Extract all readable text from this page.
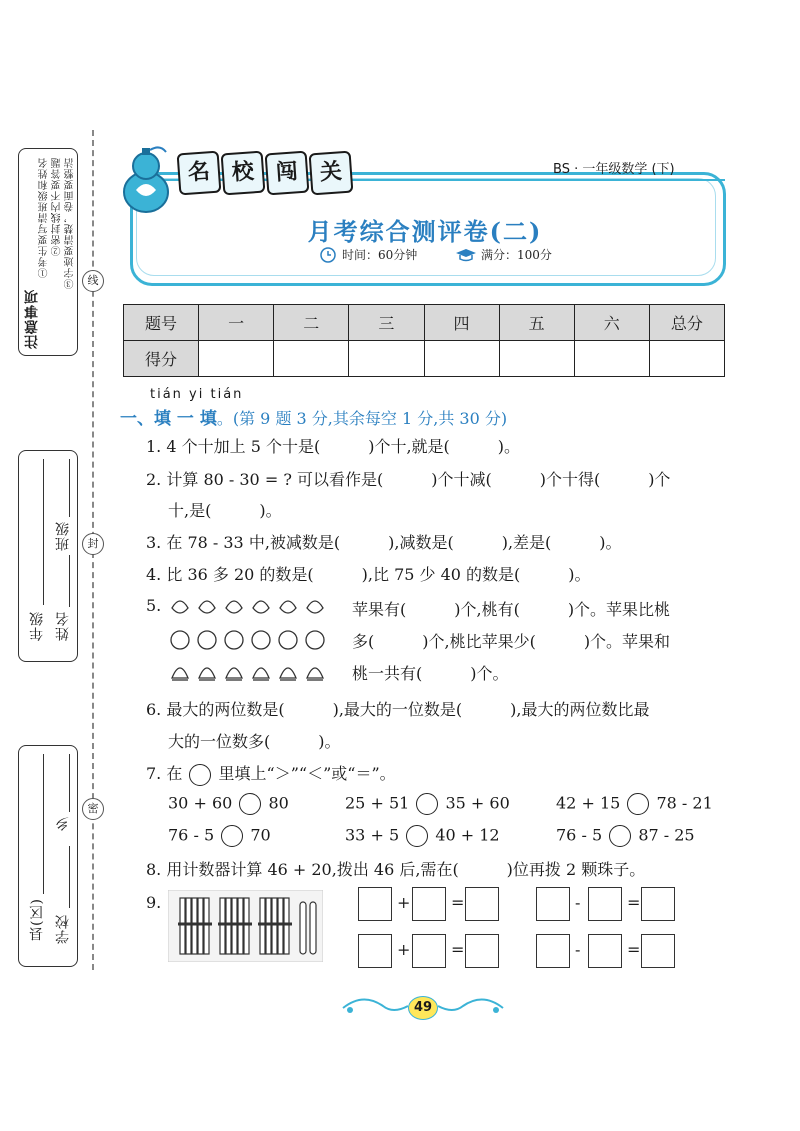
线
封
密
注意事项
①考生要写清班级和姓名 ②密封线内不要答题 ③字迹要清楚，卷面要整洁
年级
班级
姓名
县(区)
乡
学校
名 校 闯 关	BS · 一年级数学 (下)
月考综合测评卷(二)
时间：60分钟	满分：100分
题号	一	二	三	四	五	六	总分
得分							
tián yi tián
一、填 一 填。(第 9 题 3 分,其余每空 1 分,共 30 分)
1. 4 个十加上 5 个十是(　　　)个十,就是(　　　)。
2. 计算 80 - 30 = ? 可以看作是(　　　)个十减(　　　)个十得(　　　)个
十,是(　　　)。
3. 在 78 - 33 中,被减数是(　　　),减数是(　　　),差是(　　　)。
4. 比 36 多 20 的数是(　　　),比 75 少 40 的数是(　　　)。
5.	苹果有(　　　)个,桃有(　　　)个。苹果比桃
多(　　　)个,桃比苹果少(　　　)个。苹果和
桃一共有(　　　)个。
6. 最大的两位数是(　　　),最大的一位数是(　　　),最大的两位数比最
大的一位数多(　　　)。
7. 在 里填上“＞”“＜”或“＝”。
30 + 60 80	25 + 51 35 + 60	42 + 15 78 - 21
76 - 5 70	33 + 5 40 + 12	76 - 5 87 - 25
8. 用计数器计算 46 + 20,拨出 46 后,需在(　　　)位再拨 2 颗珠子。
9.	+	=	-	=
+	=	-	=
49
